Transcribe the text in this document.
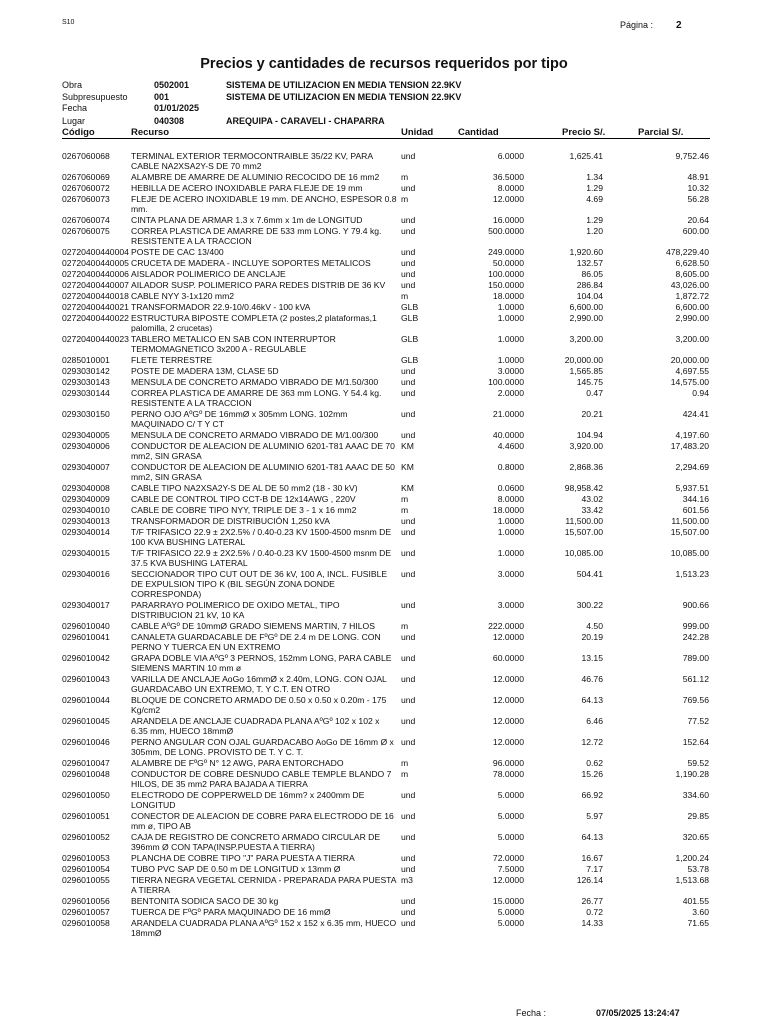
S10	Página : 2
Precios y cantidades de recursos requeridos por tipo
Obra	0502001	SISTEMA DE UTILIZACION EN MEDIA TENSION 22.9KV
Subpresupuesto	001	SISTEMA DE UTILIZACION EN MEDIA TENSION 22.9KV
Fecha	01/01/2025
Lugar	040308	AREQUIPA - CARAVELI - CHAPARRA
Código	Recurso	Unidad	Cantidad	Precio S/.	Parcial S/.
0267060068 TERMINAL EXTERIOR TERMOCONTRAIBLE 35/22 KV, PARA CABLE NA2XSA2Y-S DE 70 mm2
und	6.0000	1,625.41	9,752.46
0267060069 ALAMBRE DE AMARRE DE ALUMINIO RECOCIDO DE 16 mm2	m	36.5000	1.34	48.91
0267060072 HEBILLA DE ACERO INOXIDABLE PARA FLEJE DE 19 mm	und	8.0000	1.29	10.32
0267060073 FLEJE DE ACERO INOXIDABLE 19 mm. DE ANCHO, ESPESOR 0.8 mm.
m	12.0000	4.69	56.28
0267060074 CINTA PLANA DE ARMAR 1.3 x 7.6mm x 1m de LONGITUD	und	16.0000	1.29	20.64
0267060075 CORREA PLASTICA DE AMARRE DE 533 mm LONG. Y 79.4 kg. RESISTENTE A LA TRACCION
und	500.0000	1.20	600.00
02720400440004 POSTE DE CAC 13/400	und	249.0000	1,920.60	478,229.40
02720400440005 CRUCETA DE MADERA - INCLUYE SOPORTES METALICOS	und	50.0000	132.57	6,628.50
02720400440006 AISLADOR POLIMERICO DE ANCLAJE	und	100.0000	86.05	8,605.00
02720400440007 AILADOR SUSP. POLIMERICO PARA REDES DISTRIB DE 36 KV	und	150.0000	286.84	43,026.00
02720400440018 CABLE NYY 3-1x120 mm2	m	18.0000	104.04	1,872.72
02720400440021 TRANSFORMADOR 22.9-10/0.46kV - 100 kVA	GLB	1.0000	6,600.00	6,600.00
02720400440022 ESTRUCTURA BIPOSTE COMPLETA (2 postes,2 plataformas,1 palomilla, 2 crucetas)
GLB	1.0000	2,990.00	2,990.00
02720400440023 TABLERO METALICO EN SAB CON INTERRUPTOR TERMOMAGNETICO 3x200 A - REGULABLE
GLB	1.0000	3,200.00	3,200.00
0285010001 FLETE TERRESTRE	GLB	1.0000	20,000.00	20,000.00
0293030142 POSTE DE MADERA 13M, CLASE 5D	und	3.0000	1,565.85	4,697.55
0293030143 MENSULA DE CONCRETO ARMADO VIBRADO DE M/1.50/300	und	100.0000	145.75	14,575.00
0293030144 CORREA PLASTICA DE AMARRE DE 363 mm LONG. Y 54.4 kg. RESISTENTE A LA TRACCION
und	2.0000	0.47	0.94
0293030150 PERNO OJO AºGº DE 16mmØ x 305mm LONG. 102mm MAQUINADO C/ T Y CT
und	21.0000	20.21	424.41
0293040005 MENSULA DE CONCRETO ARMADO VIBRADO DE M/1.00/300	und	40.0000	104.94	4,197.60
0293040006 CONDUCTOR DE ALEACION DE ALUMINIO 6201-T81 AAAC DE 70 mm2, SIN GRASA
KM	4.4600	3,920.00	17,483.20
0293040007 CONDUCTOR DE ALEACION DE ALUMINIO 6201-T81 AAAC DE 50 mm2, SIN GRASA
KM	0.8000	2,868.36	2,294.69
0293040008 CABLE TIPO NA2XSA2Y-S DE AL DE 50 mm2 (18 - 30 kV)	KM	0.0600	98,958.42	5,937.51
0293040009 CABLE DE CONTROL TIPO CCT-B DE 12x14AWG , 220V	m	8.0000	43.02	344.16
0293040010 CABLE DE COBRE TIPO NYY, TRIPLE DE 3 - 1 x 16 mm2	m	18.0000	33.42	601.56
0293040013 TRANSFORMADOR DE DISTRIBUCIÓN 1,250 kVA	und	1.0000	11,500.00	11,500.00
0293040014 T/F TRIFASICO 22.9 ± 2X2.5% / 0.40-0.23 KV 1500-4500 msnm DE 100 KVA BUSHING LATERAL
und	1.0000	15,507.00	15,507.00
0293040015 T/F TRIFASICO 22.9 ± 2X2.5% / 0.40-0.23 KV 1500-4500 msnm DE 37.5 KVA BUSHING LATERAL
und	1.0000	10,085.00	10,085.00
0293040016 SECCIONADOR TIPO CUT OUT DE 36 kV, 100 A, INCL. FUSIBLE DE EXPULSION TIPO K (BIL SEGÚN ZONA DONDE CORRESPONDA)
und	3.0000	504.41	1,513.23
0293040017 PARARRAYO POLIMERICO DE OXIDO METAL, TIPO DISTRIBUCION 21 kV, 10 KA
und	3.0000	300.22	900.66
0296010040 CABLE AºGº DE 10mmØ GRADO SIEMENS MARTIN, 7 HILOS	m	222.0000	4.50	999.00
0296010041 CANALETA GUARDACABLE DE FºGº DE 2.4 m DE LONG. CON PERNO Y TUERCA EN UN EXTREMO
und	12.0000	20.19	242.28
0296010042 GRAPA DOBLE VIA AºGº 3 PERNOS, 152mm LONG, PARA CABLE SIEMENS MARTIN 10 mm ø
und	60.0000	13.15	789.00
0296010043 VARILLA DE ANCLAJE AoGo 16mmØ x 2.40m, LONG. CON OJAL GUARDACABO UN EXTREMO, T. Y C.T. EN OTRO
und	12.0000	46.76	561.12
0296010044 BLOQUE DE CONCRETO ARMADO DE 0.50 x 0.50 x 0.20m - 175 Kg/cm2
und	12.0000	64.13	769.56
0296010045 ARANDELA DE ANCLAJE CUADRADA PLANA AºGº 102 x 102 x 6.35 mm, HUECO 18mmØ
und	12.0000	6.46	77.52
0296010046 PERNO ANGULAR CON OJAL GUARDACABO AoGo DE 16mm Ø x 305mm, DE LONG. PROVISTO DE T. Y C. T.
und	12.0000	12.72	152.64
0296010047 ALAMBRE DE FºGº N° 12 AWG, PARA ENTORCHADO	m	96.0000	0.62	59.52
0296010048 CONDUCTOR DE COBRE DESNUDO CABLE TEMPLE BLANDO 7 HILOS, DE 35 mm2 PARA BAJADA A TIERRA
m	78.0000	15.26	1,190.28
0296010050 ELECTRODO DE COPPERWELD DE 16mm? x 2400mm DE LONGITUD
und	5.0000	66.92	334.60
0296010051 CONECTOR DE ALEACION DE COBRE PARA ELECTRODO DE 16 mm ø, TIPO AB
und	5.0000	5.97	29.85
0296010052 CAJA DE REGISTRO DE CONCRETO ARMADO CIRCULAR DE 396mm Ø CON TAPA(INSP.PUESTA A TIERRA)
und	5.0000	64.13	320.65
0296010053 PLANCHA DE COBRE TIPO "J" PARA PUESTA A TIERRA	und	72.0000	16.67	1,200.24
0296010054 TUBO PVC SAP DE 0.50 m DE LONGITUD x 13mm Ø	und	7.5000	7.17	53.78
0296010055 TIERRA NEGRA VEGETAL CERNIDA - PREPARADA PARA PUESTA A TIERRA
m3	12.0000	126.14	1,513.68
0296010056 BENTONITA SODICA SACO DE 30 kg	und	15.0000	26.77	401.55
0296010057 TUERCA DE FºGº PARA MAQUINADO DE 16 mmØ	und	5.0000	0.72	3.60
0296010058 ARANDELA CUADRADA PLANA AºGº 152 x 152 x 6.35 mm, HUECO 18mmØ
und	5.0000	14.33	71.65
Fecha :	07/05/2025 13:24:47
